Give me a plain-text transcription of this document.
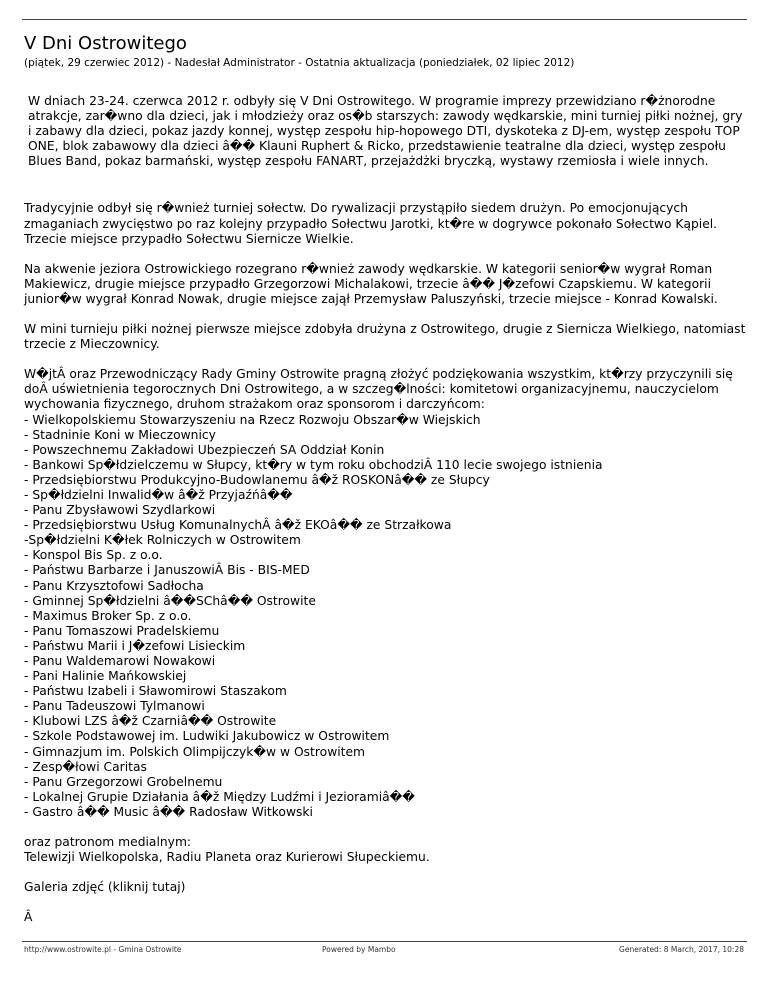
V Dni Ostrowitego
(piątek, 29 czerwiec 2012) - Nadesłał Administrator - Ostatnia aktualizacja (poniedziałek, 02 lipiec 2012)

W dniach 23-24. czerwca 2012 r. odbyły się V Dni Ostrowitego. W programie imprezy przewidziano r�żnorodne atrakcje, zar�wno dla dzieci, jak i młodzieży oraz os�b starszych: zawody wędkarskie, mini turniej piłki nożnej, gry i zabawy dla dzieci, pokaz jazdy konnej, występ zespołu hip-hopowego DTI, dyskoteka z DJ-em, występ zespołu TOP ONE, blok zabawowy dla dzieci â�� Klauni Ruphert & Ricko, przedstawienie teatralne dla dzieci, występ zespołu Blues Band, pokaz barmański, występ zespołu FANART, przejażdżki bryczką, wystawy rzemiosła i wiele innych.

Tradycyjnie odbył się r�wnież turniej sołectw. Do rywalizacji przystąpiło siedem drużyn. Po emocjonujących zmaganiach zwycięstwo po raz kolejny przypadło Sołectwu Jarotki, kt�re w dogrywce pokonało Sołectwo Kąpiel. Trzecie miejsce przypadło Sołectwu Siernicze Wielkie.

Na akwenie jeziora Ostrowickiego rozegrano r�wnież zawody wędkarskie. W kategorii senior�w wygrał Roman Makiewicz, drugie miejsce przypadło Grzegorzowi Michalakowi, trzecie â�� J�zefowi Czapskiemu. W kategorii junior�w wygrał Konrad Nowak, drugie miejsce zajął Przemysław Paluszyński, trzecie miejsce - Konrad Kowalski.

W mini turnieju piłki nożnej pierwsze miejsce zdobyła drużyna z Ostrowitego, drugie z Siernicza Wielkiego, natomiast trzecie z Mieczownicy.

W�jtÂ oraz Przewodniczący Rady Gminy Ostrowite pragną złożyć podziękowania wszystkim, kt�rzy przyczynili się doÂ uświetnienia tegorocznych Dni Ostrowitego, a w szczeg�lności: komitetowi organizacyjnemu, nauczycielom wychowania fizycznego, druhom strażakom oraz sponsorom i darczyńcom:

- Wielkopolskiemu Stowarzyszeniu na Rzecz Rozwoju Obszar�w Wiejskich
- Stadninie Koni w Mieczownicy
- Powszechnemu Zakładowi Ubezpieczeń SA Oddział Konin
- Bankowi Sp�łdzielczemu w Słupcy, kt�ry w tym roku obchodziÂ 110 lecie swojego istnienia
- Przedsiębiorstwu Produkcyjno-Budowlanemu â�ž ROSKONâ�� ze Słupcy
- Sp�łdzielni Inwalid�w â�ž Przyjaźńâ��
- Panu Zbysławowi Szydlarkowi
- Przedsiębiorstwu Usług KomunalnychÂ â�ž EKOâ�� ze Strzałkowa
-Sp�łdzielni K�łek Rolniczych w Ostrowitem
- Konspol Bis Sp. z o.o.
- Państwu Barbarze i JanuszowiÂ Bis - BIS-MED
- Panu Krzysztofowi Sadłocha
- Gminnej Sp�łdzielni â��SChâ�� Ostrowite
- Maximus Broker Sp. z o.o.
- Panu Tomaszowi Pradelskiemu
- Państwu Marii i J�zefowi Lisieckim
- Panu Waldemarowi Nowakowi
- Pani Halinie Mańkowskiej
- Państwu Izabeli i Sławomirowi Staszakom
- Panu Tadeuszowi Tylmanowi
- Klubowi LZS â�ž Czarniâ�� Ostrowite
- Szkole Podstawowej im. Ludwiki Jakubowicz w Ostrowitem
- Gimnazjum im. Polskich Olimpijczyk�w w Ostrowitem
- Zesp�łowi Caritas
- Panu Grzegorzowi Grobelnemu
- Lokalnej Grupie Działania â�ž Między Ludźmi i Jezioramiâ��
- Gastro â�� Music â�� Radosław Witkowski

oraz patronom medialnym:

Telewizji Wielkopolska, Radiu Planeta oraz Kurierowi Słupeckiemu.

Galeria zdjęć (kliknij tutaj)

Â

http://www.ostrowite.pl - Gmina Ostrowite	Powered by Mambo	Generated: 8 March, 2017, 10:28
